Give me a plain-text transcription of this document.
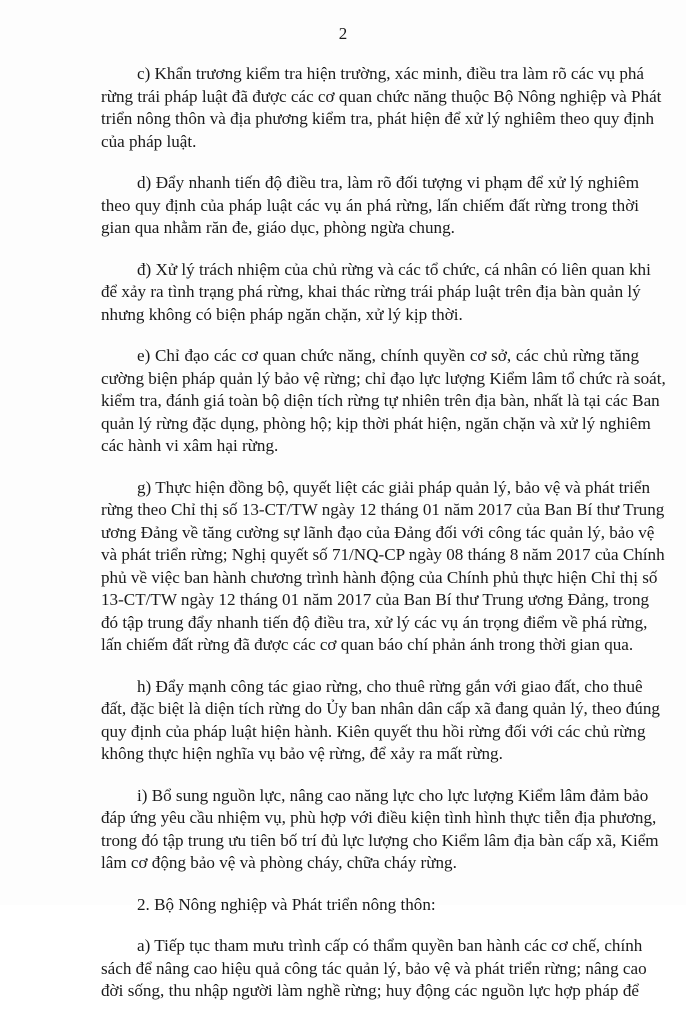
2

c) Khẩn trương kiểm tra hiện trường, xác minh, điều tra làm rõ các vụ phá
rừng trái pháp luật đã được các cơ quan chức năng thuộc Bộ Nông nghiệp và Phát
triển nông thôn và địa phương kiểm tra, phát hiện để xử lý nghiêm theo quy định
của pháp luật.

d) Đẩy nhanh tiến độ điều tra, làm rõ đối tượng vi phạm để xử lý nghiêm
theo quy định của pháp luật các vụ án phá rừng, lấn chiếm đất rừng trong thời
gian qua nhằm răn đe, giáo dục, phòng ngừa chung.

đ) Xử lý trách nhiệm của chủ rừng và các tổ chức, cá nhân có liên quan khi
để xảy ra tình trạng phá rừng, khai thác rừng trái pháp luật trên địa bàn quản lý
nhưng không có biện pháp ngăn chặn, xử lý kịp thời.

e) Chỉ đạo các cơ quan chức năng, chính quyền cơ sở, các chủ rừng tăng
cường biện pháp quản lý bảo vệ rừng; chỉ đạo lực lượng Kiểm lâm tổ chức rà soát,
kiểm tra, đánh giá toàn bộ diện tích rừng tự nhiên trên địa bàn, nhất là tại các Ban
quản lý rừng đặc dụng, phòng hộ; kịp thời phát hiện, ngăn chặn và xử lý nghiêm
các hành vi xâm hại rừng.

g) Thực hiện đồng bộ, quyết liệt các giải pháp quản lý, bảo vệ và phát triển
rừng theo Chỉ thị số 13-CT/TW ngày 12 tháng 01 năm 2017 của Ban Bí thư Trung
ương Đảng về tăng cường sự lãnh đạo của Đảng đối với công tác quản lý, bảo vệ
và phát triển rừng; Nghị quyết số 71/NQ-CP ngày 08 tháng 8 năm 2017 của Chính
phủ về việc ban hành chương trình hành động của Chính phủ thực hiện Chỉ thị số
13-CT/TW ngày 12 tháng 01 năm 2017 của Ban Bí thư Trung ương Đảng, trong
đó tập trung đẩy nhanh tiến độ điều tra, xử lý các vụ án trọng điểm về phá rừng,
lấn chiếm đất rừng đã được các cơ quan báo chí phản ánh trong thời gian qua.

h) Đẩy mạnh công tác giao rừng, cho thuê rừng gắn với giao đất, cho thuê
đất, đặc biệt là diện tích rừng do Ủy ban nhân dân cấp xã đang quản lý, theo đúng
quy định của pháp luật hiện hành. Kiên quyết thu hồi rừng đối với các chủ rừng
không thực hiện nghĩa vụ bảo vệ rừng, để xảy ra mất rừng.

i) Bổ sung nguồn lực, nâng cao năng lực cho lực lượng Kiểm lâm đảm bảo
đáp ứng yêu cầu nhiệm vụ, phù hợp với điều kiện tình hình thực tiễn địa phương,
trong đó tập trung ưu tiên bố trí đủ lực lượng cho Kiểm lâm địa bàn cấp xã, Kiểm
lâm cơ động bảo vệ và phòng cháy, chữa cháy rừng.

2. Bộ Nông nghiệp và Phát triển nông thôn:

a) Tiếp tục tham mưu trình cấp có thẩm quyền ban hành các cơ chế, chính
sách để nâng cao hiệu quả công tác quản lý, bảo vệ và phát triển rừng; nâng cao
đời sống, thu nhập người làm nghề rừng; huy động các nguồn lực hợp pháp để
